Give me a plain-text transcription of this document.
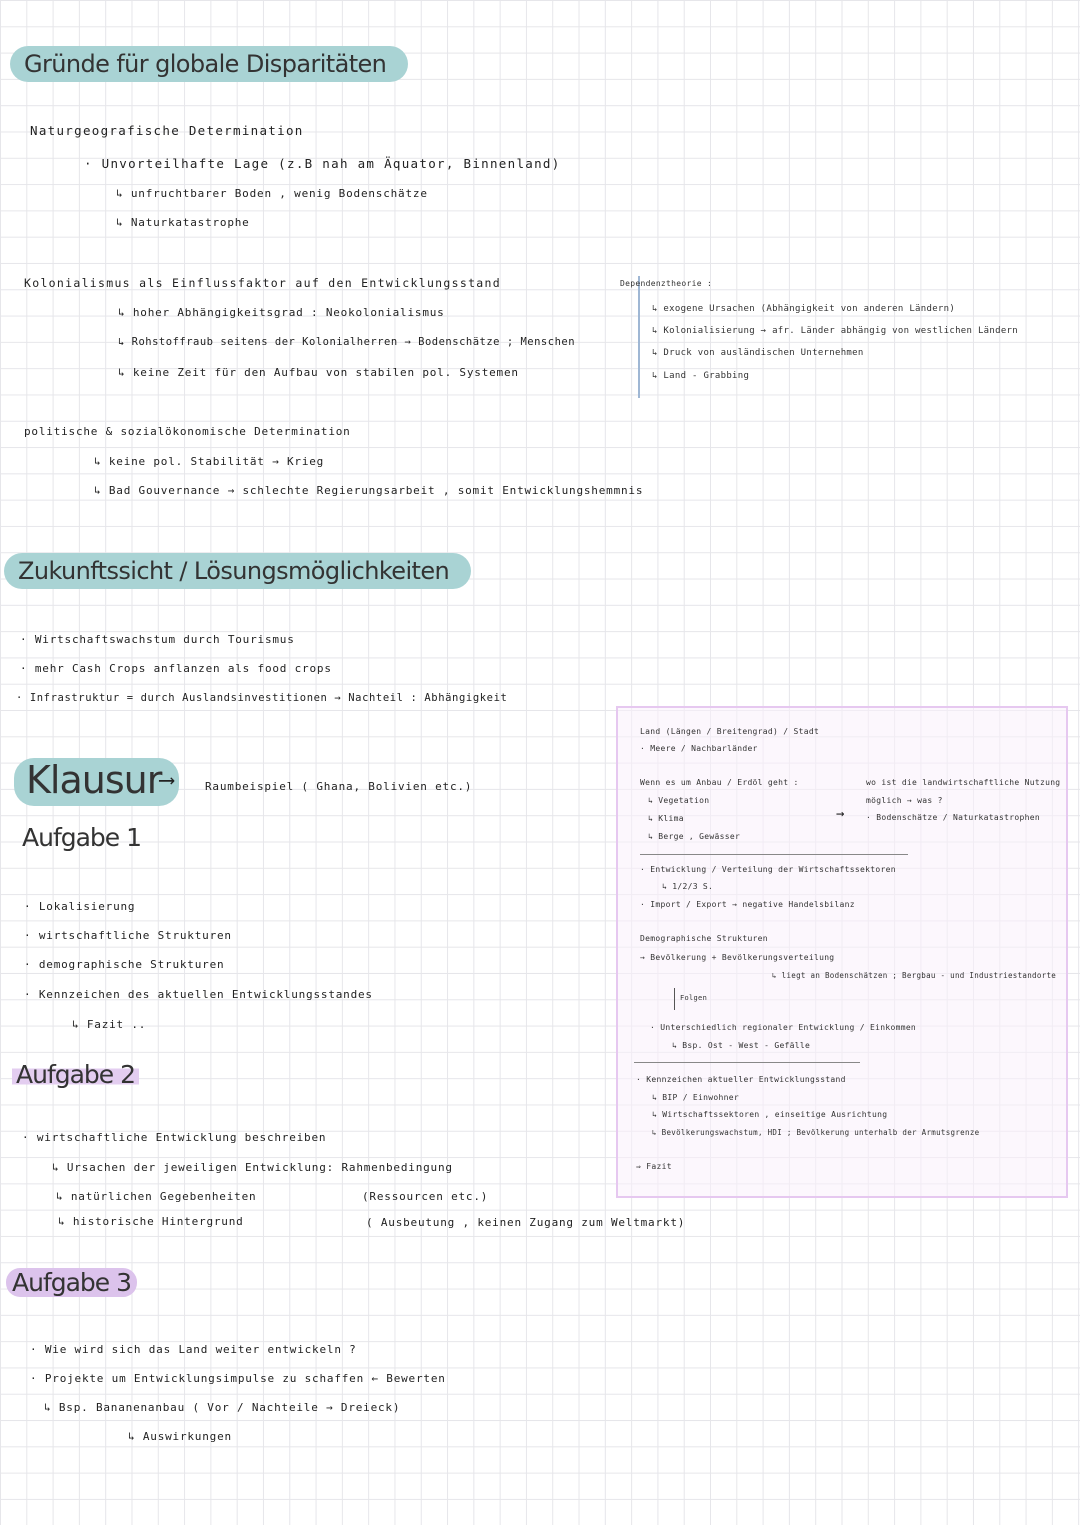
Gründe für globale Disparitäten
Naturgeografische Determination
· Unvorteilhafte Lage (z.B nah am Äquator, Binnenland)
↳ unfruchtbarer Boden , wenig Bodenschätze
↳ Naturkatastrophe
Kolonialismus als Einflussfaktor auf den Entwicklungsstand
↳ hoher Abhängigkeitsgrad : Neokolonialismus
↳ Rohstoffraub seitens der Kolonialherren → Bodenschätze ; Menschen
↳ keine Zeit für den Aufbau von stabilen pol. Systemen
Dependenztheorie :
↳ exogene Ursachen (Abhängigkeit von anderen Ländern)
↳ Kolonialisierung → afr. Länder abhängig von westlichen Ländern
↳ Druck von ausländischen Unternehmen
↳ Land - Grabbing
politische & sozialökonomische Determination
↳ keine pol. Stabilität → Krieg
↳ Bad Gouvernance → schlechte Regierungsarbeit , somit Entwicklungshemmnis
Zukunftssicht / Lösungsmöglichkeiten
· Wirtschaftswachstum durch Tourismus
· mehr Cash Crops anflanzen als food crops
· Infrastruktur = durch Auslandsinvestitionen → Nachteil : Abhängigkeit
Klausur
⟶	Raumbeispiel ( Ghana, Bolivien etc.)
Aufgabe 1
· Lokalisierung
· wirtschaftliche Strukturen
· demographische Strukturen
· Kennzeichen des aktuellen Entwicklungsstandes
↳ Fazit ..
Aufgabe 2
· wirtschaftliche Entwicklung beschreiben
↳ Ursachen der jeweiligen Entwicklung: Rahmenbedingung
↳ natürlichen Gegebenheiten	(Ressourcen etc.)
↳ historische Hintergrund	( Ausbeutung , keinen Zugang zum Weltmarkt)
Aufgabe 3
· Wie wird sich das Land weiter entwickeln ?
· Projekte um Entwicklungsimpulse zu schaffen ← Bewerten
↳ Bsp. Bananenanbau ( Vor / Nachteile → Dreieck)
↳ Auswirkungen
Land (Längen / Breitengrad) / Stadt
· Meere / Nachbarländer
Wenn es um Anbau / Erdöl geht :
↳ Vegetation
↳ Klima
↳ Berge , Gewässer
wo ist die landwirtschaftliche Nutzung
möglich → was ?
→	· Bodenschätze / Naturkatastrophen
· Entwicklung / Verteilung der Wirtschaftssektoren
↳ 1/2/3 S.
· Import / Export → negative Handelsbilanz
Demographische Strukturen
→ Bevölkerung + Bevölkerungsverteilung
↳ liegt an Bodenschätzen ; Bergbau - und Industriestandorte
Folgen
· Unterschiedlich regionaler Entwicklung / Einkommen
↳ Bsp. Ost - West - Gefälle
· Kennzeichen aktueller Entwicklungsstand
↳ BIP / Einwohner
↳ Wirtschaftssektoren , einseitige Ausrichtung
↳ Bevölkerungswachstum, HDI ; Bevölkerung unterhalb der Armutsgrenze
⇒ Fazit
